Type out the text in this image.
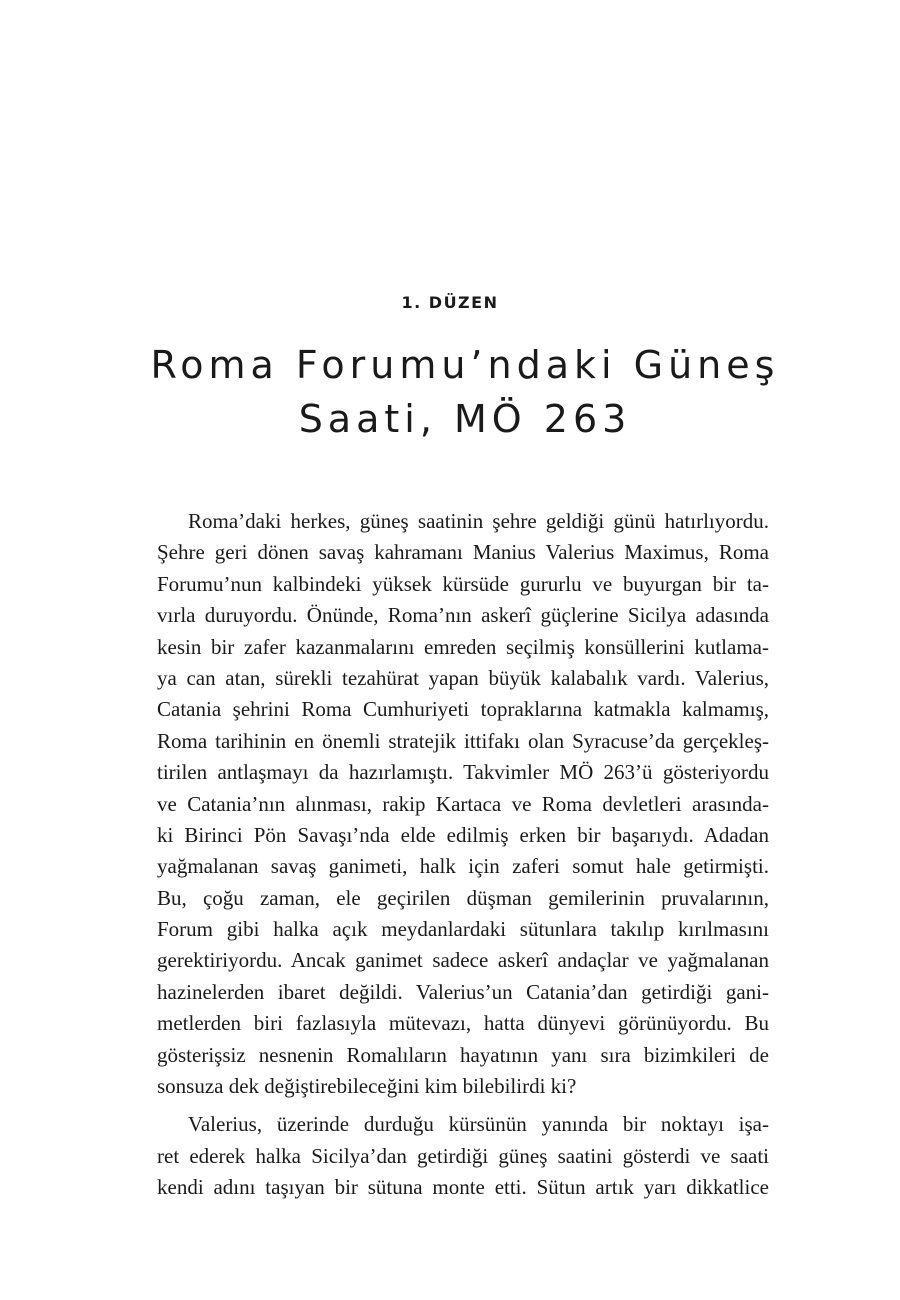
1. DÜZEN
Roma Forumu’ndaki Güneş
Saati, MÖ 263
Roma’daki herkes, güneş saatinin şehre geldiği günü hatırlıyordu.
Şehre geri dönen savaş kahramanı Manius Valerius Maximus, Roma
Forumu’nun kalbindeki yüksek kürsüde gururlu ve buyurgan bir ta-
vırla duruyordu. Önünde, Roma’nın askerî güçlerine Sicilya adasında
kesin bir zafer kazanmalarını emreden seçilmiş konsüllerini kutlama-
ya can atan, sürekli tezahürat yapan büyük kalabalık vardı. Valerius,
Catania şehrini Roma Cumhuriyeti topraklarına katmakla kalmamış,
Roma tarihinin en önemli stratejik ittifakı olan Syracuse’da gerçekleş-
tirilen antlaşmayı da hazırlamıştı. Takvimler MÖ 263’ü gösteriyordu
ve Catania’nın alınması, rakip Kartaca ve Roma devletleri arasında-
ki Birinci Pön Savaşı’nda elde edilmiş erken bir başarıydı. Adadan
yağmalanan savaş ganimeti, halk için zaferi somut hale getirmişti.
Bu, çoğu zaman, ele geçirilen düşman gemilerinin pruvalarının,
Forum gibi halka açık meydanlardaki sütunlara takılıp kırılmasını
gerektiriyordu. Ancak ganimet sadece askerî andaçlar ve yağmalanan
hazinelerden ibaret değildi. Valerius’un Catania’dan getirdiği gani-
metlerden biri fazlasıyla mütevazı, hatta dünyevi görünüyordu. Bu
gösterişsiz nesnenin Romalıların hayatının yanı sıra bizimkileri de
sonsuza dek değiştirebileceğini kim bilebilirdi ki?
Valerius, üzerinde durduğu kürsünün yanında bir noktayı işa-
ret ederek halka Sicilya’dan getirdiği güneş saatini gösterdi ve saati
kendi adını taşıyan bir sütuna monte etti. Sütun artık yarı dikkatlice
